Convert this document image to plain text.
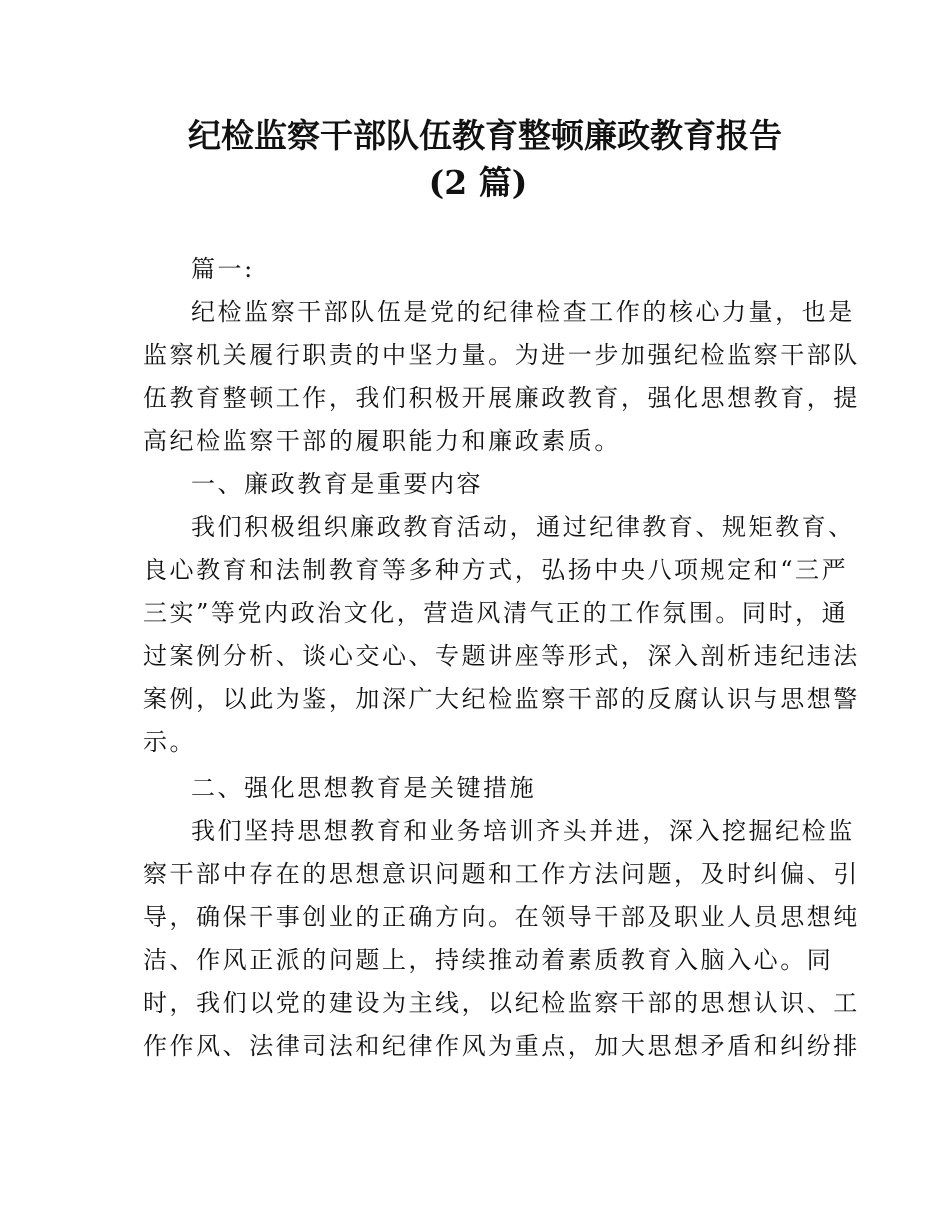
纪检监察干部队伍教育整顿廉政教育报告
(2 篇)
篇一:
纪检监察干部队伍是党的纪律检查工作的核心力量，也是
监察机关履行职责的中坚力量。为进一步加强纪检监察干部队
伍教育整顿工作，我们积极开展廉政教育，强化思想教育，提
高纪检监察干部的履职能力和廉政素质。
一、廉政教育是重要内容
我们积极组织廉政教育活动，通过纪律教育、规矩教育、
良心教育和法制教育等多种方式，弘扬中央八项规定和“三严
三实”等党内政治文化，营造风清气正的工作氛围。同时，通
过案例分析、谈心交心、专题讲座等形式，深入剖析违纪违法
案例，以此为鉴，加深广大纪检监察干部的反腐认识与思想警
示。
二、强化思想教育是关键措施
我们坚持思想教育和业务培训齐头并进，深入挖掘纪检监
察干部中存在的思想意识问题和工作方法问题，及时纠偏、引
导，确保干事创业的正确方向。在领导干部及职业人员思想纯
洁、作风正派的问题上，持续推动着素质教育入脑入心。同
时，我们以党的建设为主线，以纪检监察干部的思想认识、工
作作风、法律司法和纪律作风为重点，加大思想矛盾和纠纷排
